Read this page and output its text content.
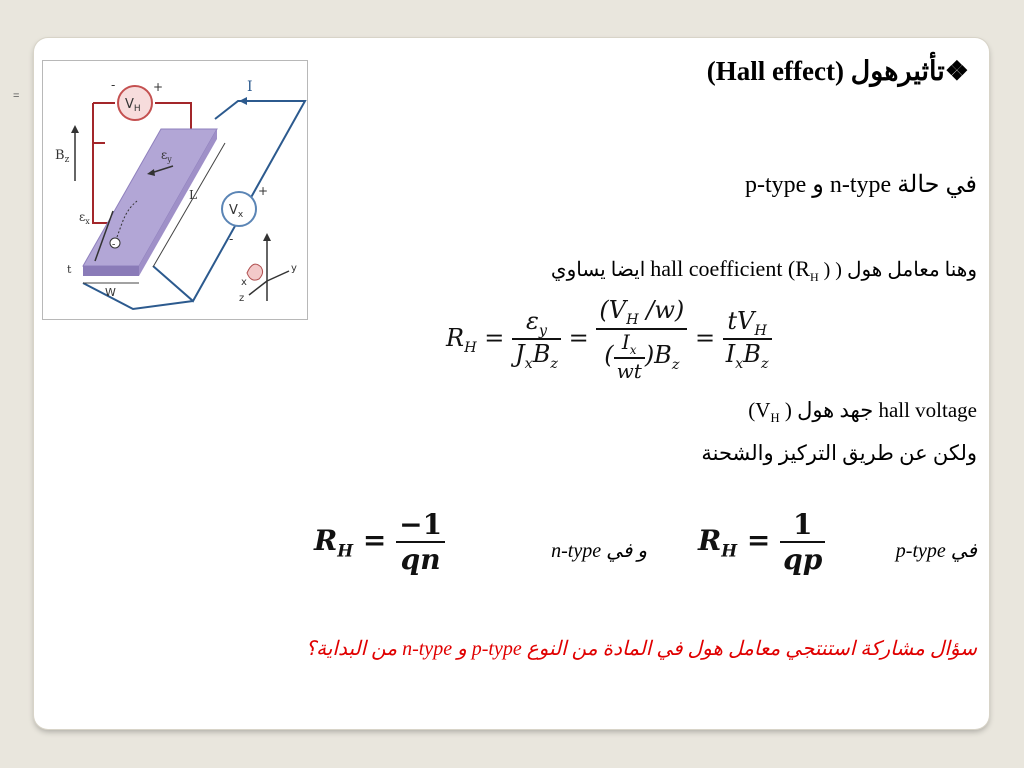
=
I
$V_H$
-	+
-
$\varepsilon_y$
$\varepsilon_x$
L
W
t
$B_z$
$V_x$
+
-
z
y
x
❖تأثيرهول (Hall effect)
في حالة n-type و p-type
وهنا معامل هول ( hall coefficient ($R_H$ ) ايضا يساوي
$R_H = \frac{\varepsilon_y}{J_xB_z} = \frac{(V_H /w)}{( \frac{I_x}{wt} )B_z} = \frac{tV_H}{I_xB_z}$
($V_H$ ) جهد هول hall voltage
ولكن عن طريق التركيز والشحنة
في p-type
و في n-type $R_H = \frac{1}{qp}$
$R_H = \frac{-1}{qn}$
سؤال مشاركة استنتجي معامل هول في المادة من النوع p-type و n-type من البداية؟
